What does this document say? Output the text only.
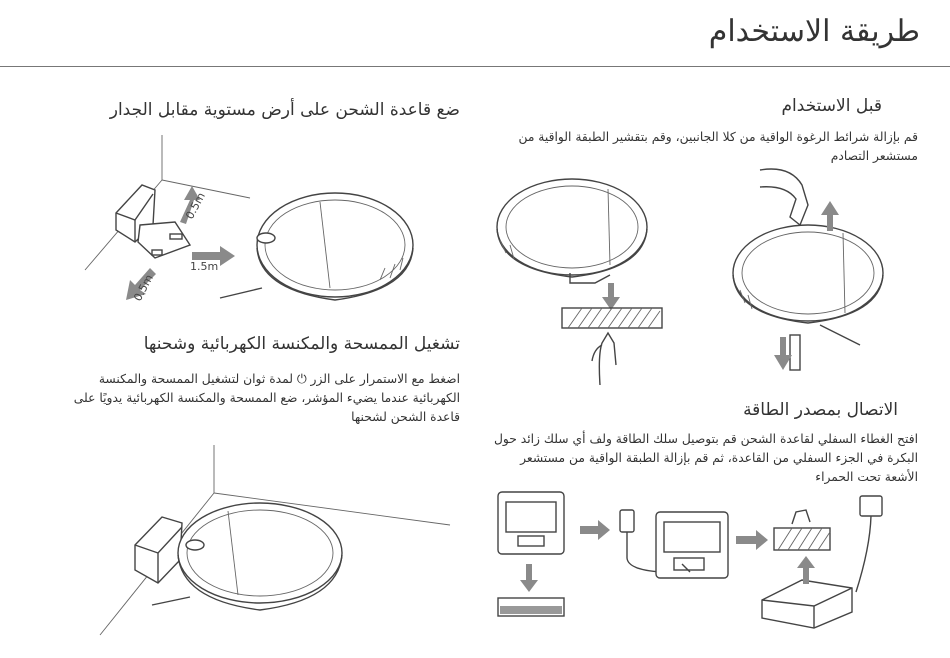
طريقة الاستخدام
قبل الاستخدام
قم بإزالة شرائط الرغوة الواقية من كلا الجانبين، وقم بتقشير الطبقة الواقية من مستشعر التصادم
ضع قاعدة الشحن على أرض مستوية مقابل الجدار
الاتصال بمصدر الطاقة
افتح الغطاء السفلي لقاعدة الشحن قم بتوصيل سلك الطاقة ولف أي سلك زائد حول البكرة في الجزء السفلي من القاعدة، ثم قم بإزالة الطبقة الواقية من مستشعر الأشعة تحت الحمراء
تشغيل الممسحة والمكنسة الكهربائية وشحنها
اضغط مع الاستمرار على الزر ⏻ لمدة ثوان لتشغيل الممسحة والمكنسة الكهربائية عندما يضيء المؤشر، ضع الممسحة والمكنسة الكهربائية يدويًا على قاعدة الشحن لشحنها
0.5m
1.5m
0.5m
